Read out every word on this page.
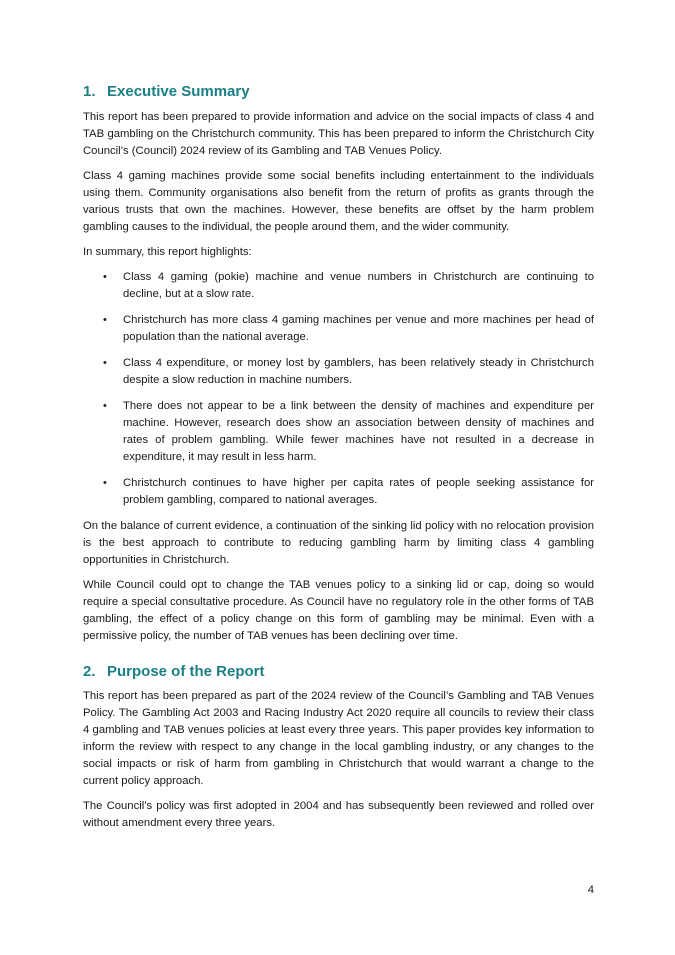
1. Executive Summary

This report has been prepared to provide information and advice on the social impacts of class 4 and TAB gambling on the Christchurch community. This has been prepared to inform the Christchurch City Council’s (Council) 2024 review of its Gambling and TAB Venues Policy.

Class 4 gaming machines provide some social benefits including entertainment to the individuals using them. Community organisations also benefit from the return of profits as grants through the various trusts that own the machines. However, these benefits are offset by the harm problem gambling causes to the individual, the people around them, and the wider community.

In summary, this report highlights:

• Class 4 gaming (pokie) machine and venue numbers in Christchurch are continuing to decline, but at a slow rate.
• Christchurch has more class 4 gaming machines per venue and more machines per head of population than the national average.
• Class 4 expenditure, or money lost by gamblers, has been relatively steady in Christchurch despite a slow reduction in machine numbers.
• There does not appear to be a link between the density of machines and expenditure per machine. However, research does show an association between density of machines and rates of problem gambling. While fewer machines have not resulted in a decrease in expenditure, it may result in less harm.
• Christchurch continues to have higher per capita rates of people seeking assistance for problem gambling, compared to national averages.

On the balance of current evidence, a continuation of the sinking lid policy with no relocation provision is the best approach to contribute to reducing gambling harm by limiting class 4 gambling opportunities in Christchurch.

While Council could opt to change the TAB venues policy to a sinking lid or cap, doing so would require a special consultative procedure. As Council have no regulatory role in the other forms of TAB gambling, the effect of a policy change on this form of gambling may be minimal. Even with a permissive policy, the number of TAB venues has been declining over time.

2. Purpose of the Report

This report has been prepared as part of the 2024 review of the Council’s Gambling and TAB Venues Policy. The Gambling Act 2003 and Racing Industry Act 2020 require all councils to review their class 4 gambling and TAB venues policies at least every three years. This paper provides key information to inform the review with respect to any change in the local gambling industry, or any changes to the social impacts or risk of harm from gambling in Christchurch that would warrant a change to the current policy approach.

The Council’s policy was first adopted in 2004 and has subsequently been reviewed and rolled over without amendment every three years.

4
